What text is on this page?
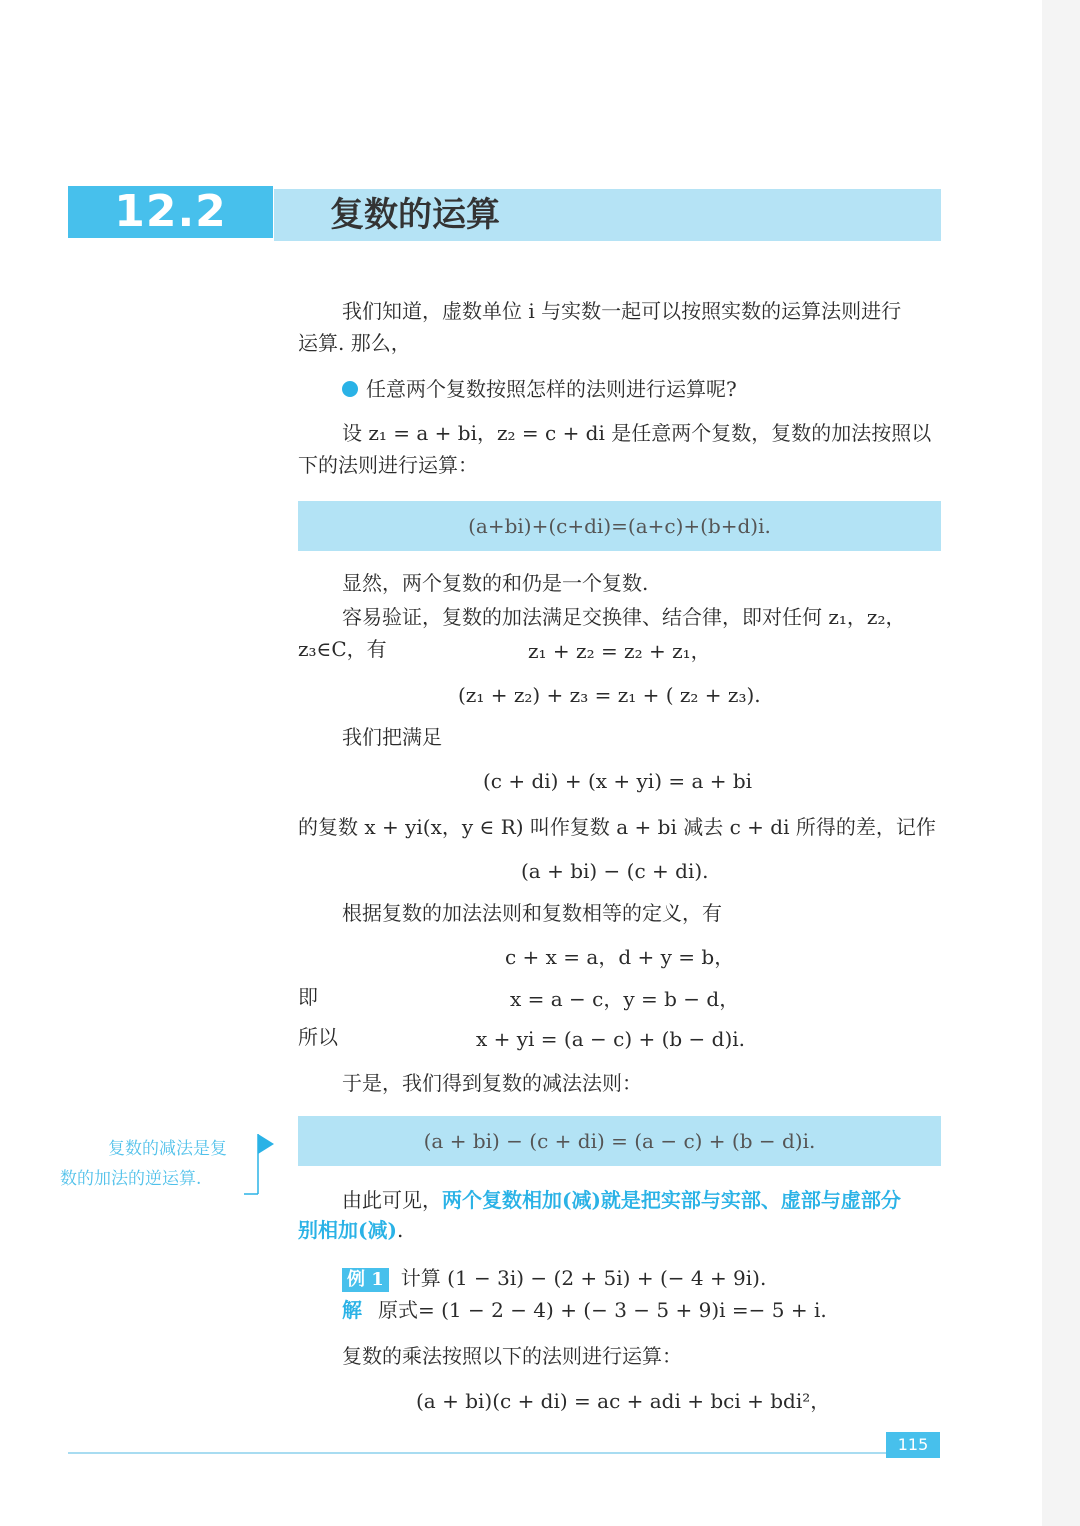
12.2	复数的运算
我们知道，虚数单位 i 与实数一起可以按照实数的运算法则进行
运算. 那么，
任意两个复数按照怎样的法则进行运算呢?
设 z₁ = a + bi，z₂ = c + di 是任意两个复数，复数的加法按照以
下的法则进行运算：
(a+bi)+(c+di)=(a+c)+(b+d)i.
显然，两个复数的和仍是一个复数.
容易验证，复数的加法满足交换律、结合律，即对任何 z₁，z₂，
z₃∈C，有	z₁ + z₂ = z₂ + z₁，
(z₁ + z₂) + z₃ = z₁ + ( z₂ + z₃).
我们把满足
(c + di) + (x + yi) = a + bi
的复数 x + yi(x，y ∈ R) 叫作复数 a + bi 减去 c + di 所得的差，记作
(a + bi) − (c + di).
根据复数的加法法则和复数相等的定义，有
c + x = a，d + y = b，
即	x = a − c，y = b − d，
所以	x + yi = (a − c) + (b − d)i.
于是，我们得到复数的减法法则：
(a + bi) − (c + di) = (a − c) + (b − d)i.
复数的减法是复
数的加法的逆运算.
由此可见，两个复数相加(减)就是把实部与实部、虚部与虚部分
别相加(减).
例 1 计算 (1 − 3i) − (2 + 5i) + (− 4 + 9i).
解 原式= (1 − 2 − 4) + (− 3 − 5 + 9)i =− 5 + i.
复数的乘法按照以下的法则进行运算：
(a + bi)(c + di) = ac + adi + bci + bdi²，
115
